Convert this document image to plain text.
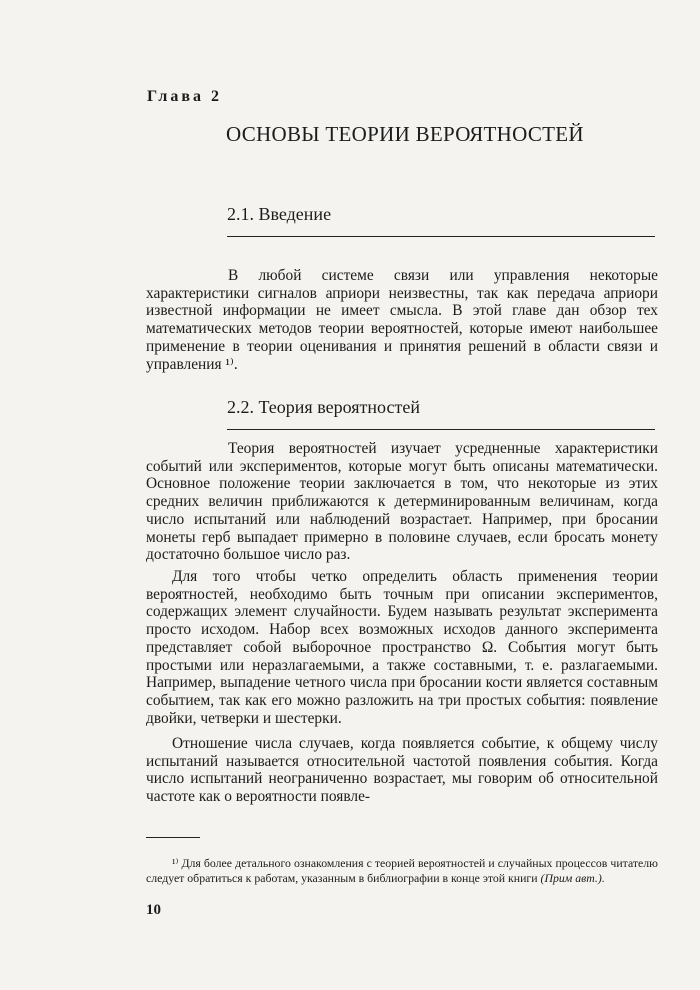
Глава 2
ОСНОВЫ ТЕОРИИ ВЕРОЯТНОСТЕЙ
2.1. Введение

В любой системе связи или управления некоторые характеристики сигналов априори неизвестны, так как передача априори известной информации не имеет смысла. В этой главе дан обзор тех математических методов теории вероятностей, которые имеют наибольшее применение в теории оценивания и принятия решений в области связи и управления ¹⁾.

2.2. Теория вероятностей

Теория вероятностей изучает усредненные характеристики событий или экспериментов, которые могут быть описаны математически. Основное положение теории заключается в том, что некоторые из этих средних величин приближаются к детерминированным величинам, когда число испытаний или наблюдений возрастает. Например, при бросании монеты герб выпадает примерно в половине случаев, если бросать монету достаточно большое число раз.

Для того чтобы четко определить область применения теории вероятностей, необходимо быть точным при описании экспериментов, содержащих элемент случайности. Будем называть результат эксперимента просто исходом. Набор всех возможных исходов данного эксперимента представляет собой выборочное пространство Ω. События могут быть простыми или неразлагаемыми, а также составными, т. е. разлагаемыми. Например, выпадение четного числа при бросании кости является составным событием, так как его можно разложить на три простых события: появление двойки, четверки и шестерки.

Отношение числа случаев, когда появляется событие, к общему числу испытаний называется относительной частотой появления события. Когда число испытаний неограниченно возрастает, мы говорим об относительной частоте как о вероятности появле-

¹⁾ Для более детального ознакомления с теорией вероятностей и случайных процессов читателю следует обратиться к работам, указанным в библиографии в конце этой книги (Прим авт.).

10
